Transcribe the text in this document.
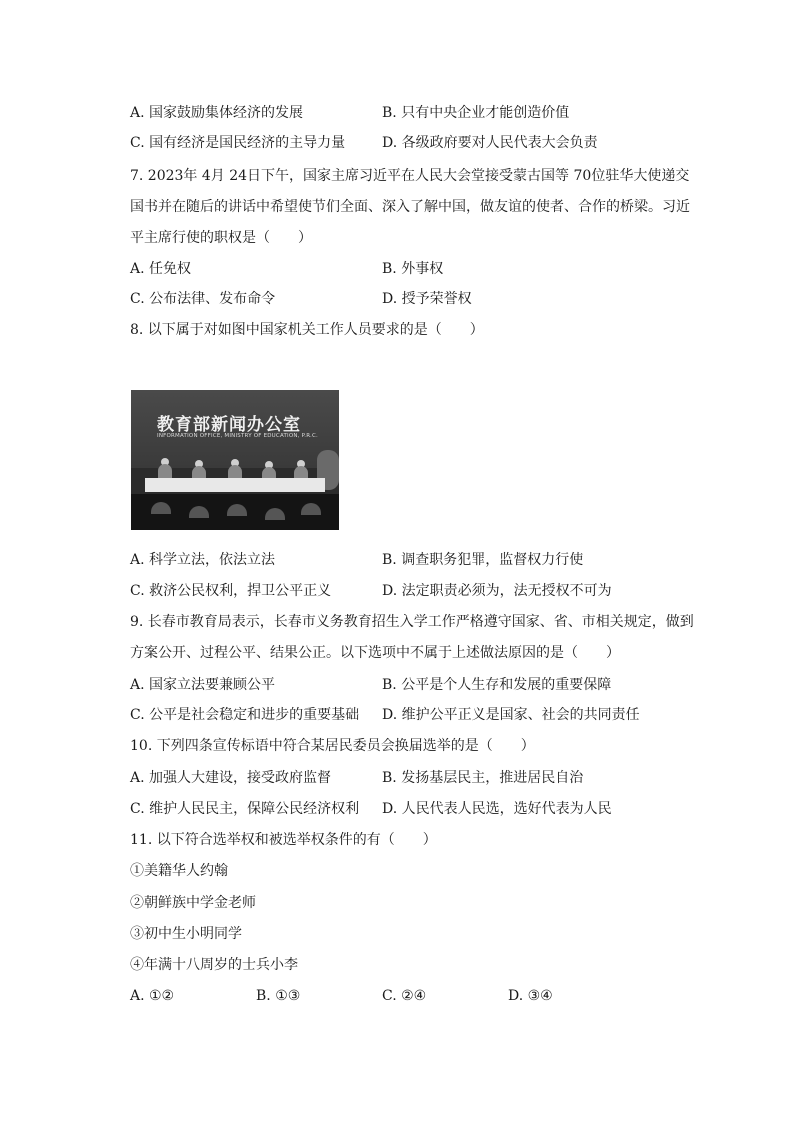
A. 国家鼓励集体经济的发展	B. 只有中央企业才能创造价值
C. 国有经济是国民经济的主导力量	D. 各级政府要对人民代表大会负责
7. 2023年 4月 24日下午，国家主席习近平在人民大会堂接受蒙古国等 70位驻华大使递交
国书并在随后的讲话中希望使节们全面、深入了解中国，做友谊的使者、合作的桥梁。习近
平主席行使的职权是（　　）
A. 任免权	B. 外事权
C. 公布法律、发布命令	D. 授予荣誉权
8. 以下属于对如图中国家机关工作人员要求的是（　　）
教育部新闻办公室
INFORMATION OFFICE, MINISTRY OF EDUCATION, P.R.C.
A. 科学立法，依法立法	B. 调查职务犯罪，监督权力行使
C. 救济公民权利，捍卫公平正义	D. 法定职责必须为，法无授权不可为
9. 长春市教育局表示，长春市义务教育招生入学工作严格遵守国家、省、市相关规定，做到
方案公开、过程公平、结果公正。以下选项中不属于上述做法原因的是（　　）
A. 国家立法要兼顾公平	B. 公平是个人生存和发展的重要保障
C. 公平是社会稳定和进步的重要基础 D. 维护公平正义是国家、社会的共同责任
10. 下列四条宣传标语中符合某居民委员会换届选举的是（　　）
A. 加强人大建设，接受政府监督	B. 发扬基层民主，推进居民自治
C. 维护人民民主，保障公民经济权利 D. 人民代表人民选，选好代表为人民
11. 以下符合选举权和被选举权条件的有（　　）
①美籍华人约翰
②朝鲜族中学金老师
③初中生小明同学
④年满十八周岁的士兵小李
A. ①②	B. ①③	C. ②④	D. ③④
